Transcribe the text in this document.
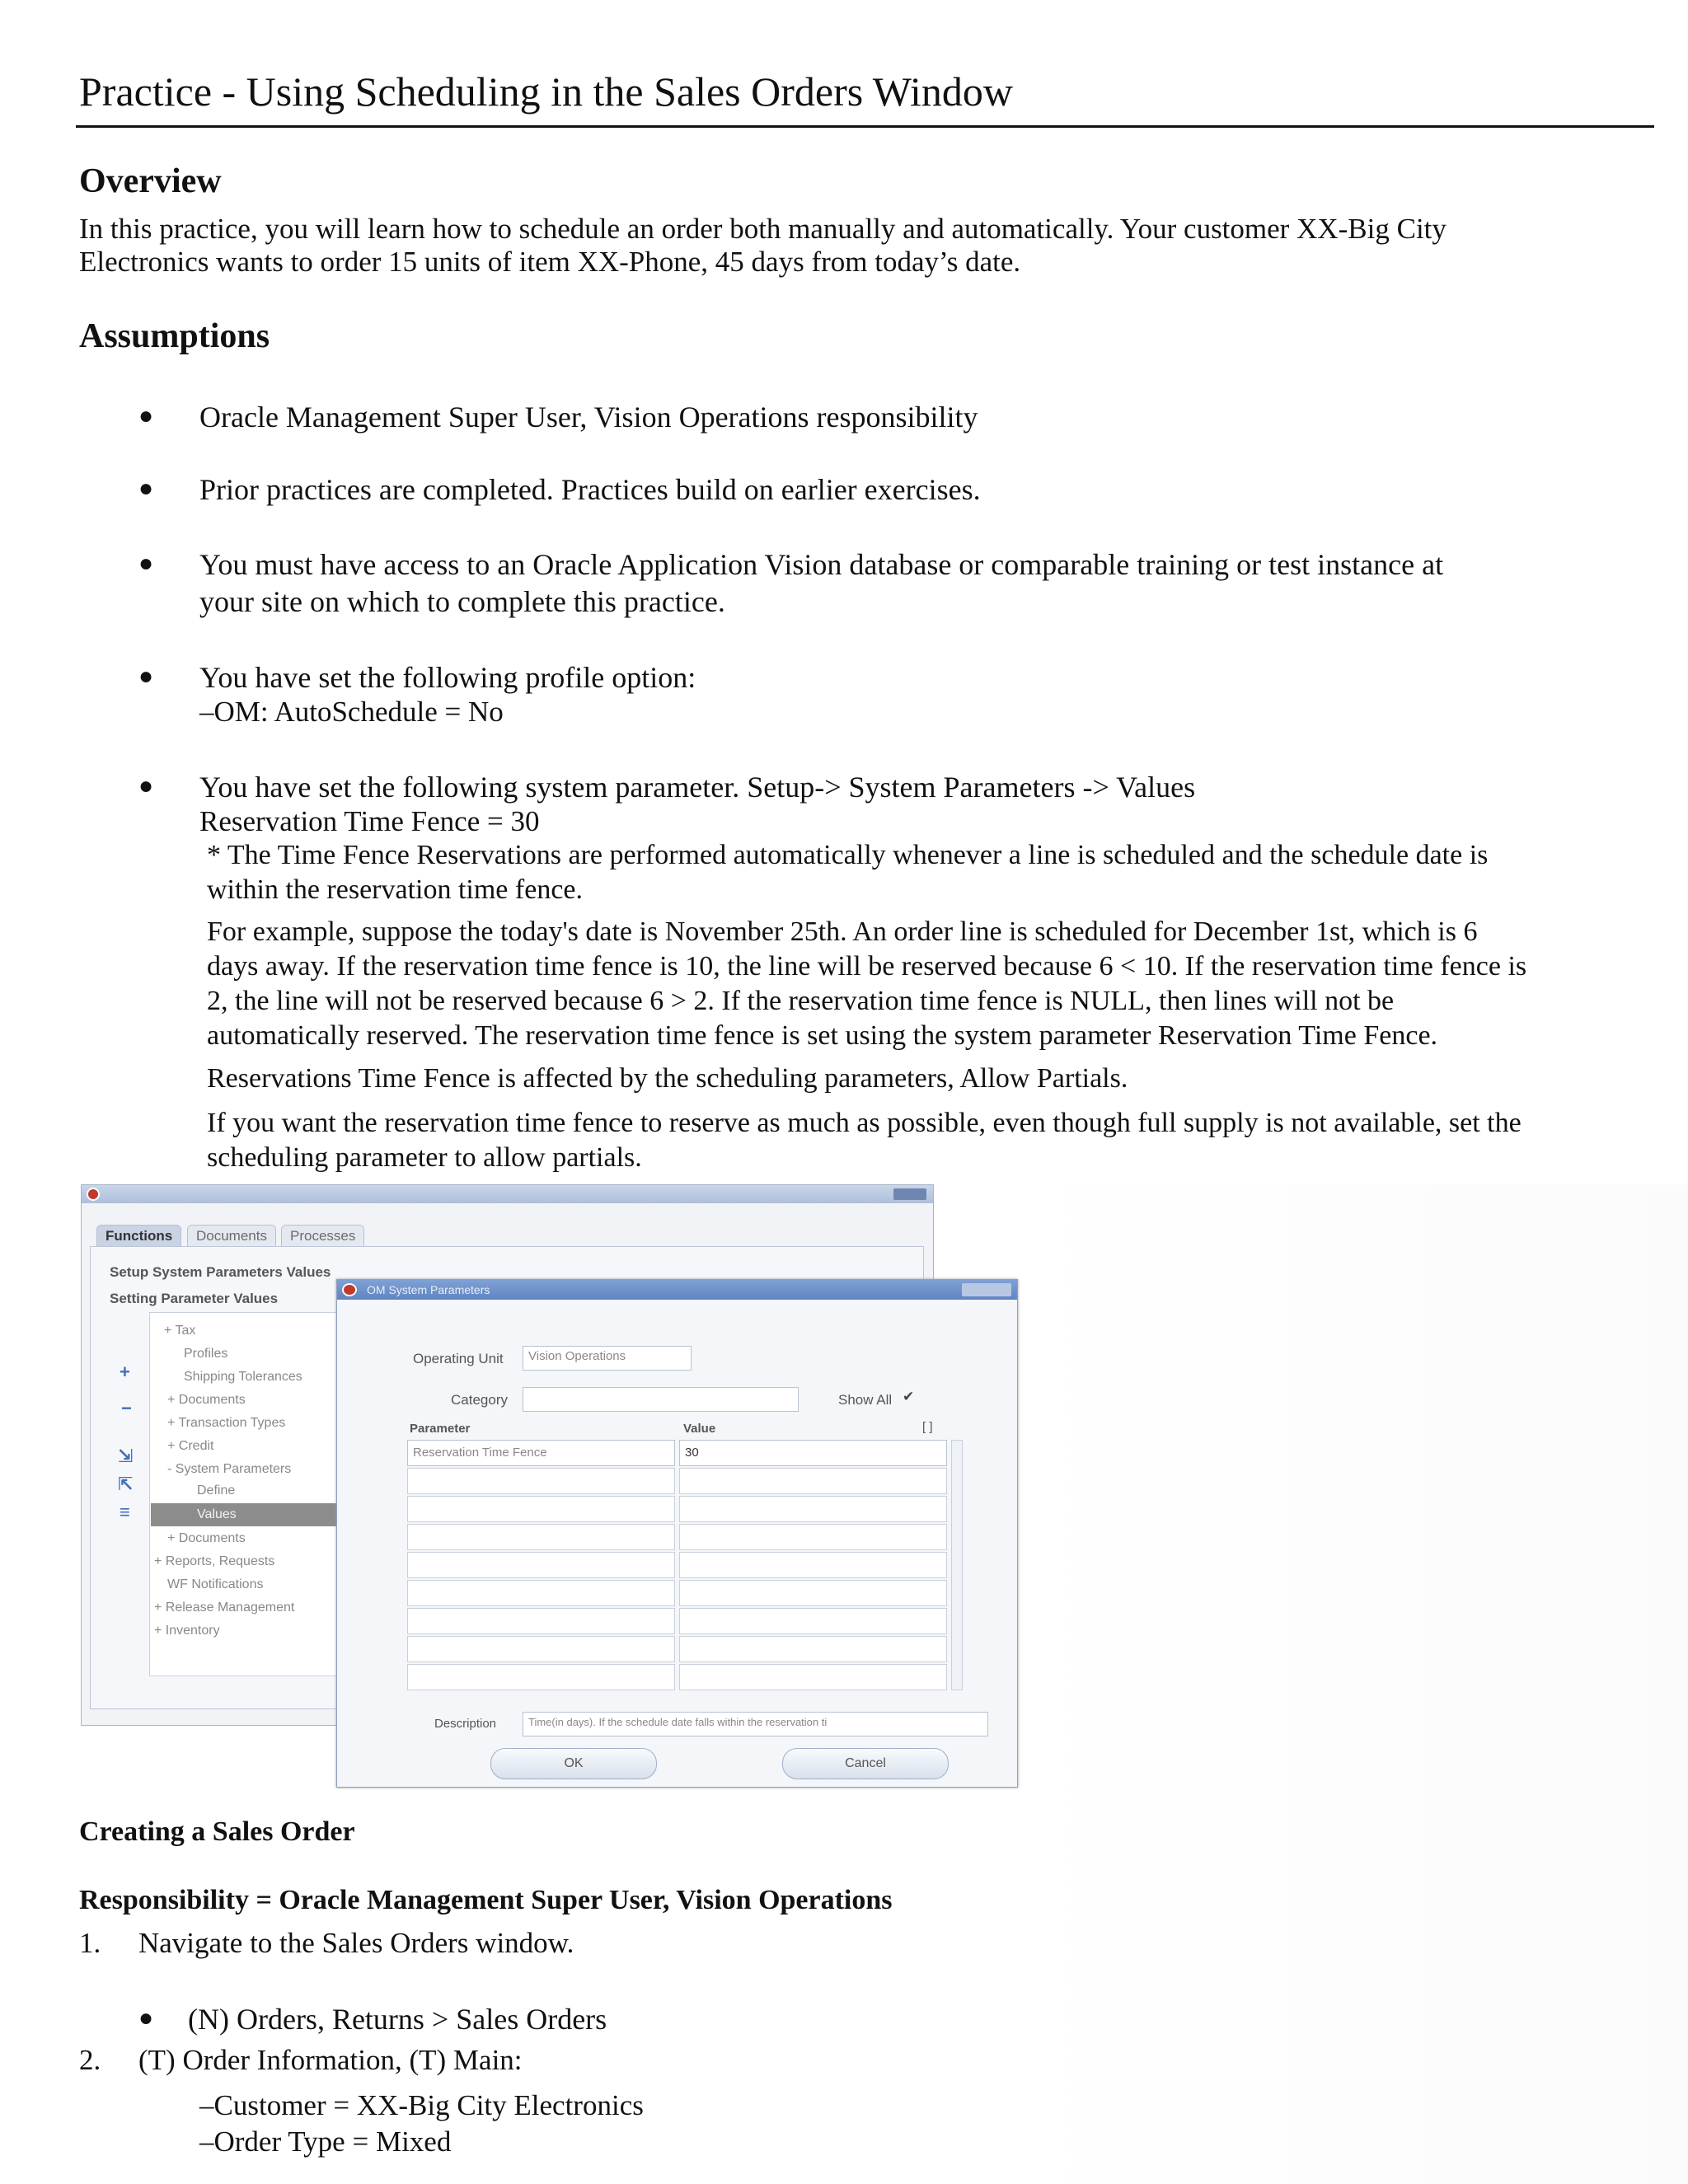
Practice - Using Scheduling in the Sales Orders Window
Overview
In this practice, you will learn how to schedule an order both manually and automatically. Your customer XX-Big City
Electronics wants to order 15 units of item XX-Phone, 45 days from today’s date.
Assumptions
● Oracle Management Super User, Vision Operations responsibility
● Prior practices are completed. Practices build on earlier exercises.
● You must have access to an Oracle Application Vision database or comparable training or test instance at
your site on which to complete this practice.
● You have set the following profile option:
–OM: AutoSchedule = No
● You have set the following system parameter. Setup-> System Parameters -> Values
Reservation Time Fence = 30
* The Time Fence Reservations are performed automatically whenever a line is scheduled and the schedule date is
within the reservation time fence.
For example, suppose the today's date is November 25th. An order line is scheduled for December 1st, which is 6
days away. If the reservation time fence is 10, the line will be reserved because 6 < 10. If the reservation time fence is
2, the line will not be reserved because 6 > 2. If the reservation time fence is NULL, then lines will not be
automatically reserved. The reservation time fence is set using the system parameter Reservation Time Fence.
Reservations Time Fence is affected by the scheduling parameters, Allow Partials.
If you want the reservation time fence to reserve as much as possible, even though full supply is not available, set the
scheduling parameter to allow partials.
Functions	Documents	Processes
Setup System Parameters Values
Setting Parameter Values
+ Tax
Profiles
Shipping Tolerances
+ Documents
+ Transaction Types
+ Credit
- System Parameters
Define
Values
+ Documents
+ Reports, Requests
WF Notifications
+ Release Management
+ Inventory
+
−
⇲
⇱
≡
OM System Parameters
Operating Unit	Vision Operations
Category	Show All ✔
Parameter	Value	[ ]
Reservation Time Fence	30
Description	Time(in days). If the schedule date falls within the reservation ti
OK	Cancel
Creating a Sales Order
Responsibility = Oracle Management Super User, Vision Operations
1. Navigate to the Sales Orders window.
● (N) Orders, Returns > Sales Orders
2. (T) Order Information, (T) Main:
–Customer = XX-Big City Electronics
–Order Type = Mixed
